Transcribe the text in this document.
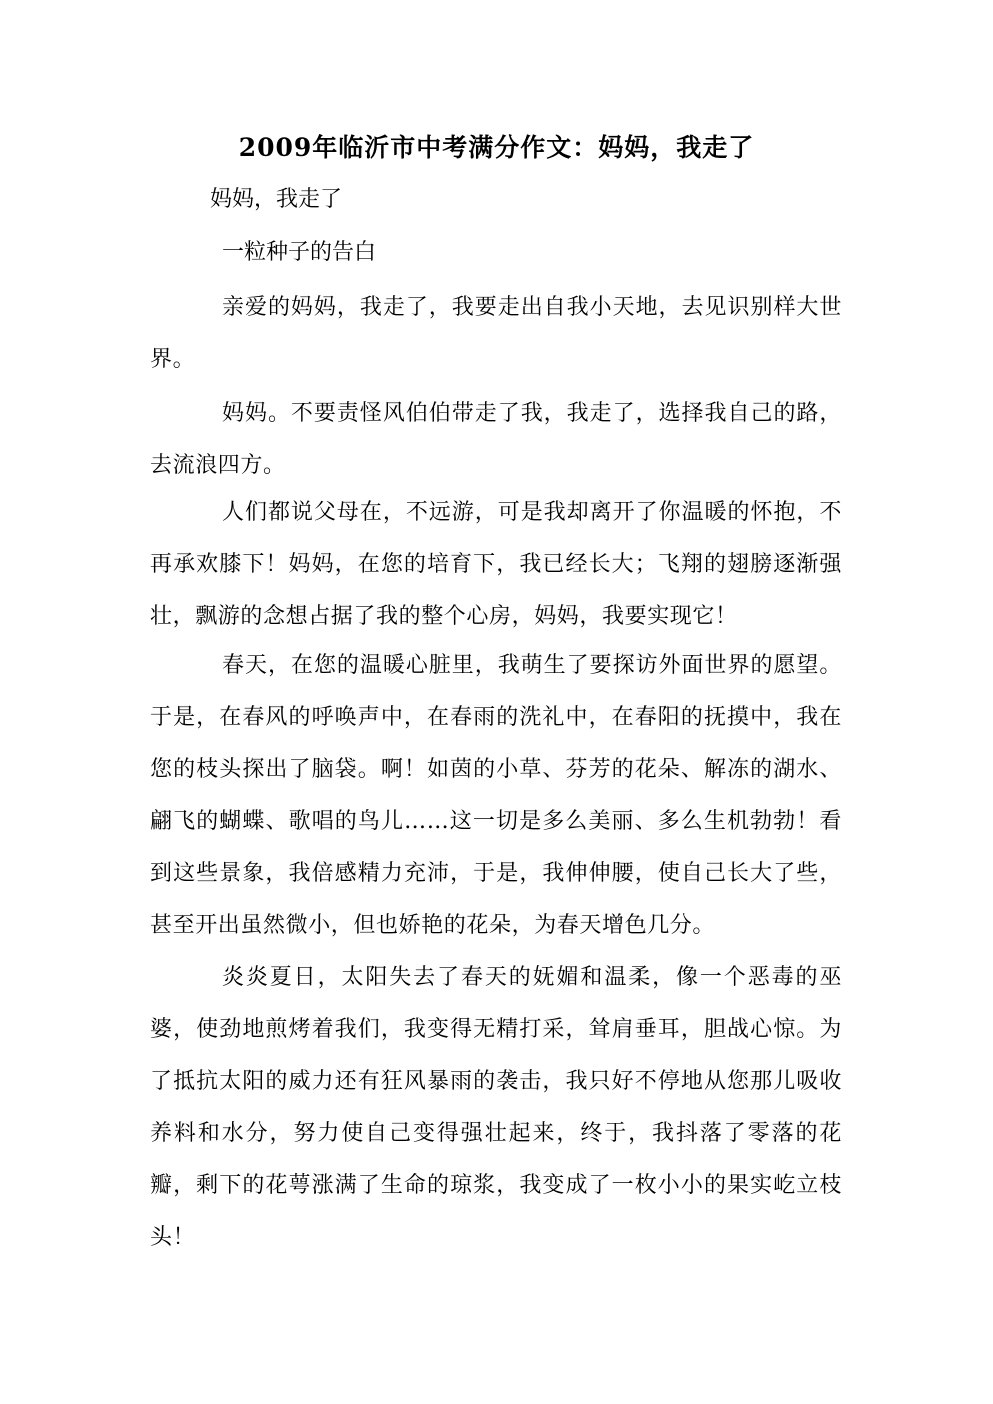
2009年临沂市中考满分作文：妈妈，我走了
妈妈，我走了
一粒种子的告白

亲爱的妈妈，我走了，我要走出自我小天地，去见识别样大世界。

妈妈。不要责怪风伯伯带走了我，我走了，选择我自己的路，去流浪四方。

人们都说父母在，不远游，可是我却离开了你温暖的怀抱，不再承欢膝下！妈妈，在您的培育下，我已经长大；飞翔的翅膀逐渐强壮，飘游的念想占据了我的整个心房，妈妈，我要实现它！

春天，在您的温暖心脏里，我萌生了要探访外面世界的愿望。于是，在春风的呼唤声中，在春雨的洗礼中，在春阳的抚摸中，我在您的枝头探出了脑袋。啊！如茵的小草、芬芳的花朵、解冻的湖水、翩飞的蝴蝶、歌唱的鸟儿……这一切是多么美丽、多么生机勃勃！看到这些景象，我倍感精力充沛，于是，我伸伸腰，使自己长大了些，甚至开出虽然微小，但也娇艳的花朵，为春天增色几分。

炎炎夏日，太阳失去了春天的妩媚和温柔，像一个恶毒的巫婆，使劲地煎烤着我们，我变得无精打采，耸肩垂耳，胆战心惊。为了抵抗太阳的威力还有狂风暴雨的袭击，我只好不停地从您那儿吸收养料和水分，努力使自己变得强壮起来，终于，我抖落了零落的花瓣，剩下的花萼涨满了生命的琼浆，我变成了一枚小小的果实屹立枝头！
